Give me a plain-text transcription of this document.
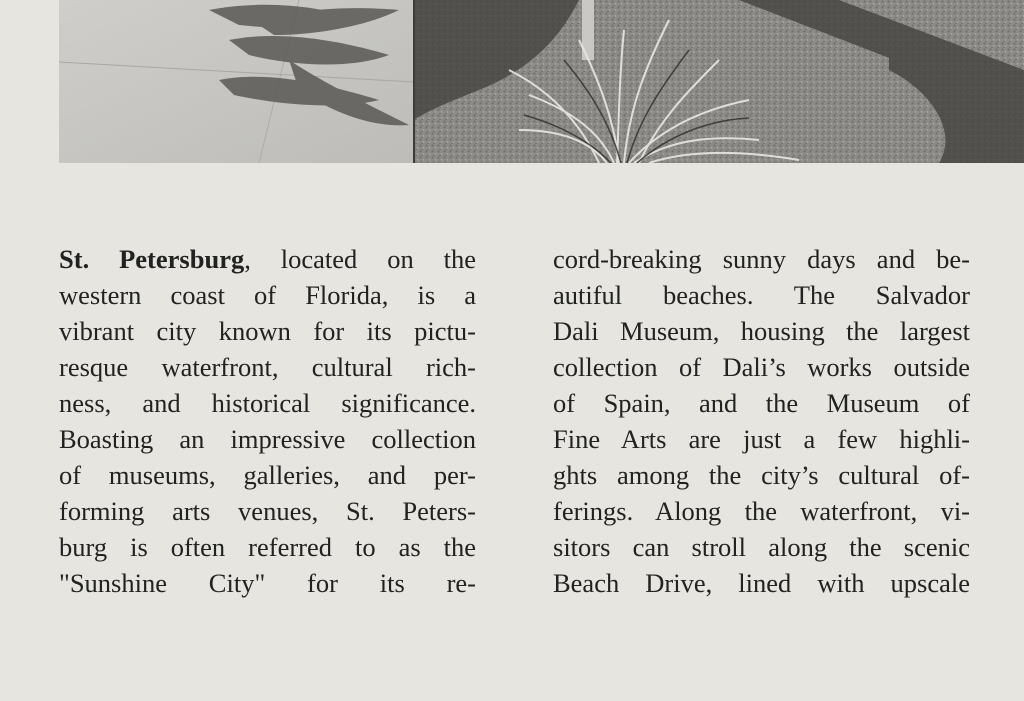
St. Petersburg, located on the
western coast of Florida, is a
vibrant city known for its pictu-
resque waterfront, cultural rich-
ness, and historical significance.
Boasting an impressive collection
of museums, galleries, and per-
forming arts venues, St. Peters-
burg is often referred to as the
"Sunshine City" for its re-
cord-breaking sunny days and be-
autiful beaches. The Salvador
Dali Museum, housing the largest
collection of Dali’s works outside
of Spain, and the Museum of
Fine Arts are just a few highli-
ghts among the city’s cultural of-
ferings. Along the waterfront, vi-
sitors can stroll along the scenic
Beach Drive, lined with upscale
